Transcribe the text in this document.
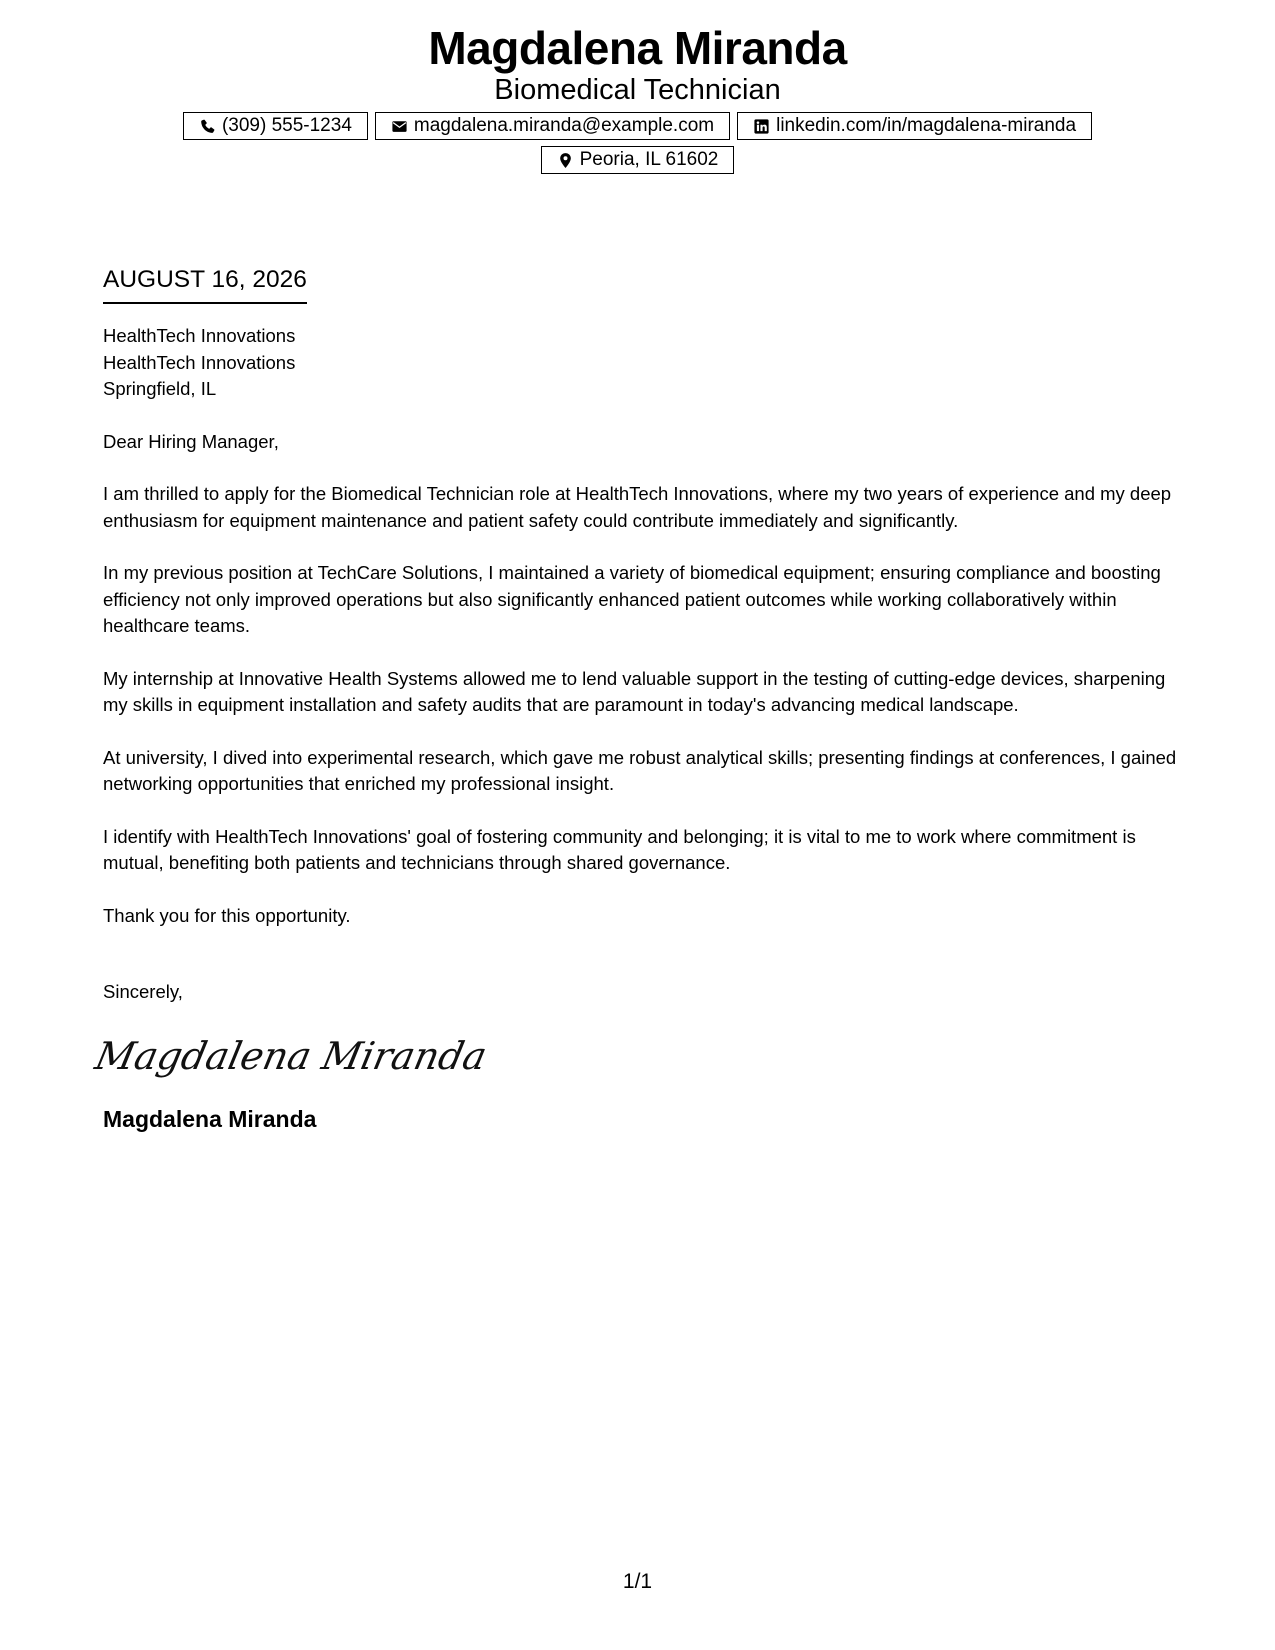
Magdalena Miranda
Biomedical Technician
(309) 555-1234	magdalena.miranda@example.com	linkedin.com/in/magdalena-miranda
Peoria, IL 61602
AUGUST 16, 2026
HealthTech Innovations
HealthTech Innovations
Springfield, IL

Dear Hiring Manager,

I am thrilled to apply for the Biomedical Technician role at HealthTech Innovations, where my two years of experience and my deep enthusiasm for equipment maintenance and patient safety could contribute immediately and significantly.

In my previous position at TechCare Solutions, I maintained a variety of biomedical equipment; ensuring compliance and boosting efficiency not only improved operations but also significantly enhanced patient outcomes while working collaboratively within healthcare teams.

My internship at Innovative Health Systems allowed me to lend valuable support in the testing of cutting-edge devices, sharpening my skills in equipment installation and safety audits that are paramount in today's advancing medical landscape.

At university, I dived into experimental research, which gave me robust analytical skills; presenting findings at conferences, I gained networking opportunities that enriched my professional insight.

I identify with HealthTech Innovations' goal of fostering community and belonging; it is vital to me to work where commitment is mutual, benefiting both patients and technicians through shared governance.

Thank you for this opportunity.

Sincerely,

Magdalena Miranda
Magdalena Miranda
1/1
